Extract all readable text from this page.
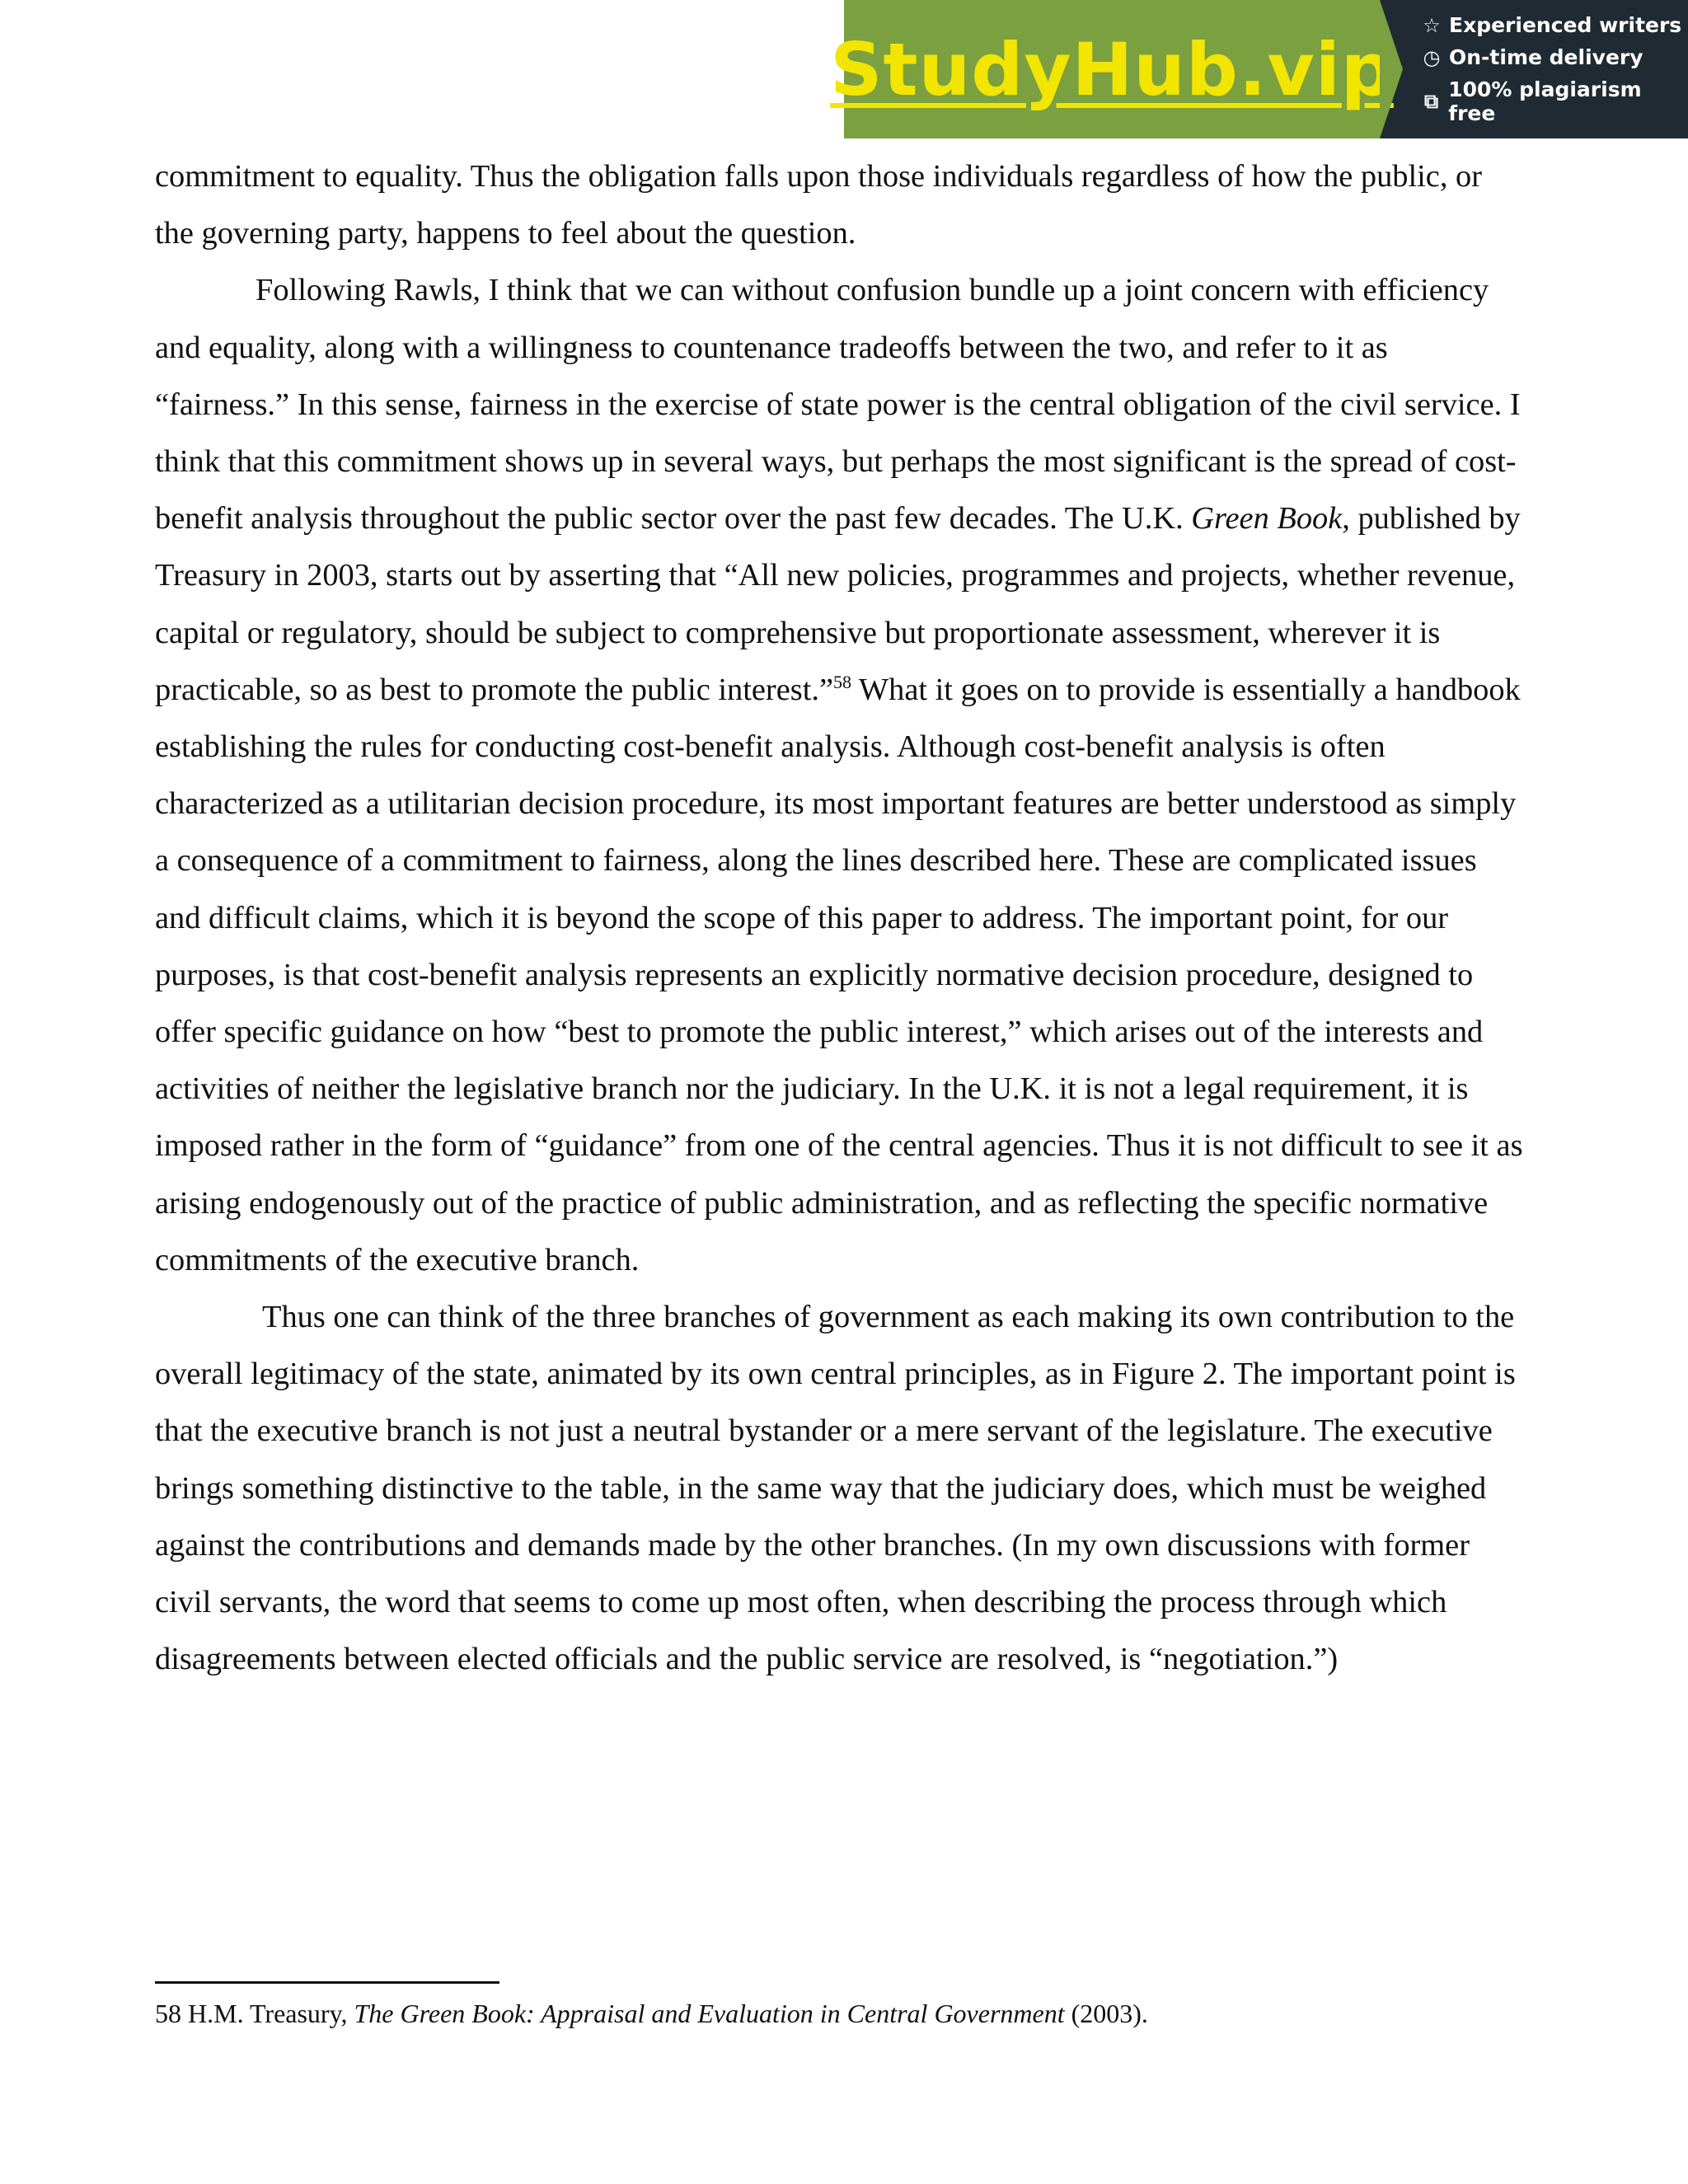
StudyHub.vip
☆ Experienced writers
◷ On-time delivery
⧉ 100% plagiarism free

commitment to equality. Thus the obligation falls upon those individuals regardless of how the public, or the governing party, happens to feel about the question.

Following Rawls, I think that we can without confusion bundle up a joint concern with efficiency and equality, along with a willingness to countenance tradeoffs between the two, and refer to it as “fairness.” In this sense, fairness in the exercise of state power is the central obligation of the civil service. I think that this commitment shows up in several ways, but perhaps the most significant is the spread of cost-benefit analysis throughout the public sector over the past few decades. The U.K. Green Book, published by Treasury in 2003, starts out by asserting that “All new policies, programmes and projects, whether revenue, capital or regulatory, should be subject to comprehensive but proportionate assessment, wherever it is practicable, so as best to promote the public interest.”$^{58}$ What it goes on to provide is essentially a handbook establishing the rules for conducting cost-benefit analysis. Although cost-benefit analysis is often characterized as a utilitarian decision procedure, its most important features are better understood as simply a consequence of a commitment to fairness, along the lines described here. These are complicated issues and difficult claims, which it is beyond the scope of this paper to address. The important point, for our purposes, is that cost-benefit analysis represents an explicitly normative decision procedure, designed to offer specific guidance on how “best to promote the public interest,” which arises out of the interests and activities of neither the legislative branch nor the judiciary. In the U.K. it is not a legal requirement, it is imposed rather in the form of “guidance” from one of the central agencies. Thus it is not difficult to see it as arising endogenously out of the practice of public administration, and as reflecting the specific normative commitments of the executive branch.

Thus one can think of the three branches of government as each making its own contribution to the overall legitimacy of the state, animated by its own central principles, as in Figure 2. The important point is that the executive branch is not just a neutral bystander or a mere servant of the legislature. The executive brings something distinctive to the table, in the same way that the judiciary does, which must be weighed against the contributions and demands made by the other branches. (In my own discussions with former civil servants, the word that seems to come up most often, when describing the process through which disagreements between elected officials and the public service are resolved, is “negotiation.”)

58 H.M. Treasury, The Green Book: Appraisal and Evaluation in Central Government (2003).
